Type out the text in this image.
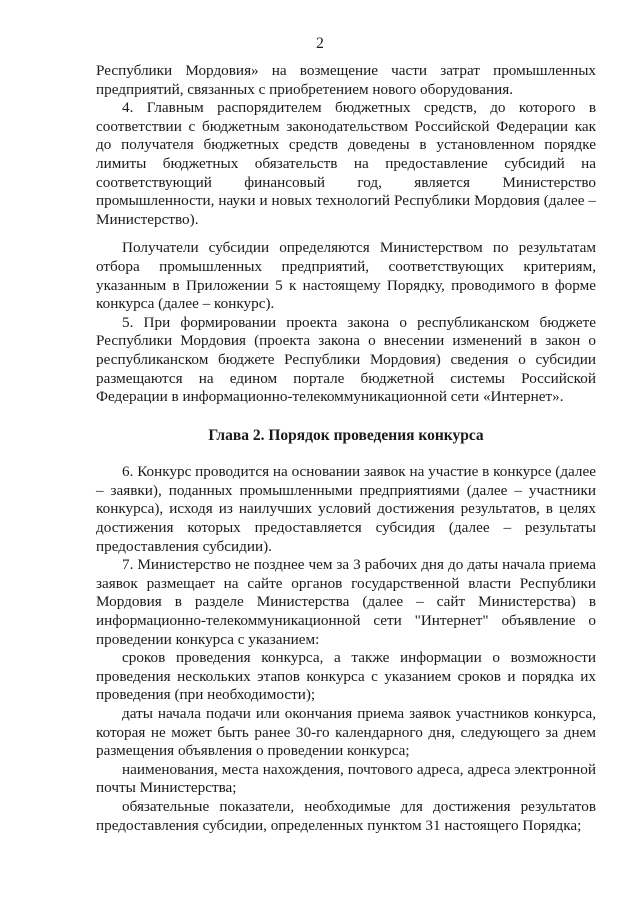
2

Республики Мордовия» на возмещение части затрат промышленных предприятий, связанных с приобретением нового оборудования.

4. Главным распорядителем бюджетных средств, до которого в соответствии с бюджетным законодательством Российской Федерации как до получателя бюджетных средств доведены в установленном порядке лимиты бюджетных обязательств на предоставление субсидий на соответствующий финансовый год, является Министерство промышленности, науки и новых технологий Республики Мордовия (далее – Министерство).

Получатели субсидии определяются Министерством по результатам отбора промышленных предприятий, соответствующих критериям, указанным в Приложении 5 к настоящему Порядку, проводимого в форме конкурса (далее – конкурс).

5. При формировании проекта закона о республиканском бюджете Республики Мордовия (проекта закона о внесении изменений в закон о республиканском бюджете Республики Мордовия) сведения о субсидии размещаются на едином портале бюджетной системы Российской Федерации в информационно-телекоммуникационной сети «Интернет».

Глава 2. Порядок проведения конкурса

6. Конкурс проводится на основании заявок на участие в конкурсе (далее – заявки), поданных промышленными предприятиями (далее – участники конкурса), исходя из наилучших условий достижения результатов, в целях достижения которых предоставляется субсидия (далее – результаты предоставления субсидии).

7. Министерство не позднее чем за 3 рабочих дня до даты начала приема заявок размещает на сайте органов государственной власти Республики Мордовия в разделе Министерства (далее – сайт Министерства) в информационно-телекоммуникационной сети "Интернет" объявление о проведении конкурса с указанием:

сроков проведения конкурса, а также информации о возможности проведения нескольких этапов конкурса с указанием сроков и порядка их проведения (при необходимости);

даты начала подачи или окончания приема заявок участников конкурса, которая не может быть ранее 30-го календарного дня, следующего за днем размещения объявления о проведении конкурса;

наименования, места нахождения, почтового адреса, адреса электронной почты Министерства;

обязательные показатели, необходимые для достижения результатов предоставления субсидии, определенных пунктом 31 настоящего Порядка;
